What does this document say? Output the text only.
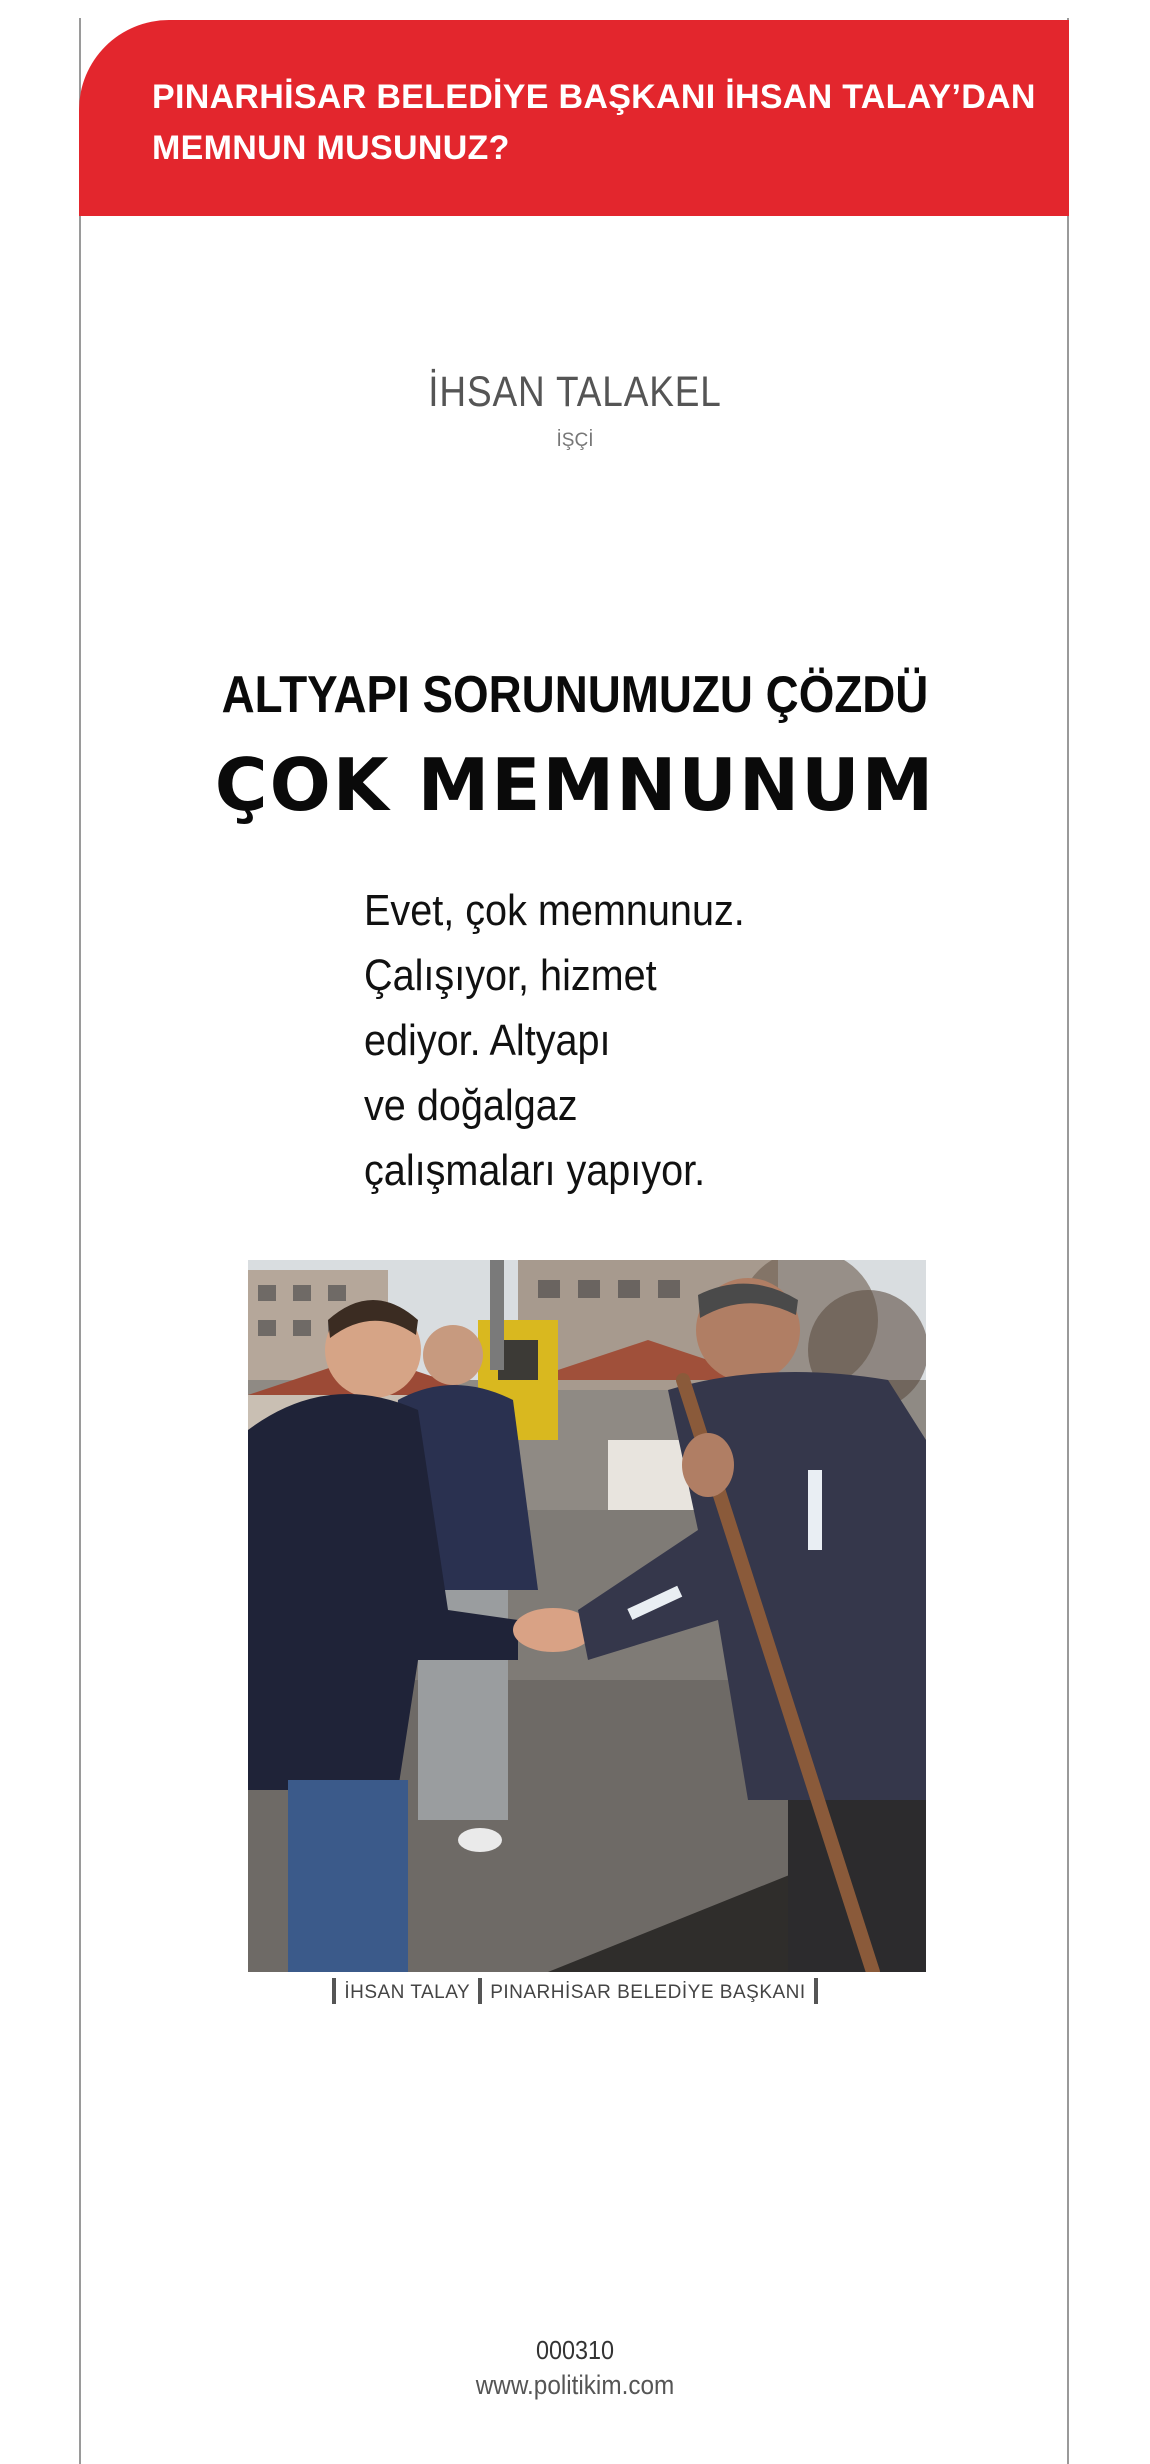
PINARHİSAR BELEDİYE BAŞKANI İHSAN TALAY’DAN
MEMNUN MUSUNUZ?

İHSAN TALAKEL
İŞÇİ
ALTYAPI SORUNUMUZU ÇÖZDÜ
ÇOK MEMNUNUM
Evet, çok memnunuz.
Çalışıyor, hizmet
ediyor. Altyapı
ve doğalgaz
çalışmaları yapıyor.
İHSAN TALAY PINARHİSAR BELEDİYE BAŞKANI
000310
www.politikim.com
